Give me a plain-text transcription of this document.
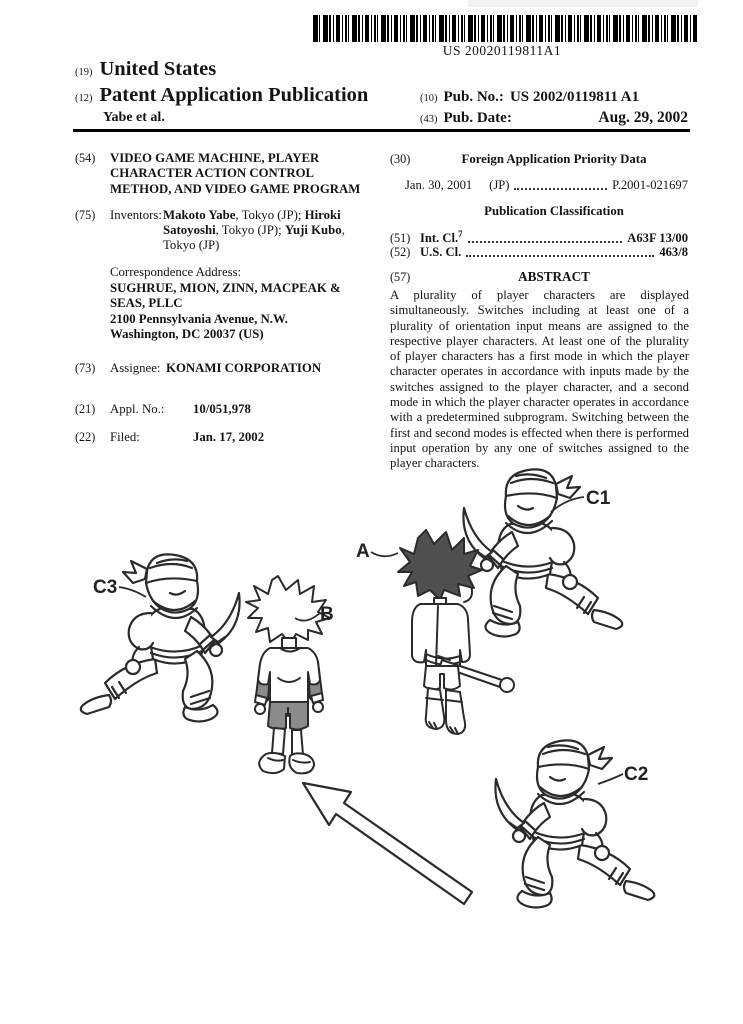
US 20020119811A1
(19) United States
(12) Patent Application Publication
Yabe et al.
(10) Pub. No.: US 2002/0119811 A1
(43) Pub. Date:	Aug. 29, 2002
(54)	VIDEO GAME MACHINE, PLAYER CHARACTER ACTION CONTROL METHOD, AND VIDEO GAME PROGRAM
(75)	Inventors: Makoto Yabe, Tokyo (JP); Hiroki Satoyoshi, Tokyo (JP); Yuji Kubo, Tokyo (JP)
Correspondence Address:
SUGHRUE, MION, ZINN, MACPEAK &
SEAS, PLLC
2100 Pennsylvania Avenue, N.W.
Washington, DC 20037 (US)
(73)	Assignee: KONAMI CORPORATION
(21)	Appl. No.:	10/051,978
(22)	Filed:	Jan. 17, 2002
(30)	Foreign Application Priority Data
Jan. 30, 2001 (JP)	P.2001-021697
Publication Classification
(51) Int. Cl.$^7$	A63F 13/00
(52) U.S. Cl.	463/8
(57)	ABSTRACT
A plurality of player characters are displayed simultaneously. Switches including at least one of a plurality of orientation input means are assigned to the respective player characters. At least one of the plurality of player characters has a first mode in which the player character operates in accordance with inputs made by the switches assigned to the player character, and a second mode in which the player character operates in accordance with a predetermined subprogram. Switching between the first and second modes is effected when there is performed input operation by any one of switches assigned to the player characters.
C1
C2
C3
A
B
